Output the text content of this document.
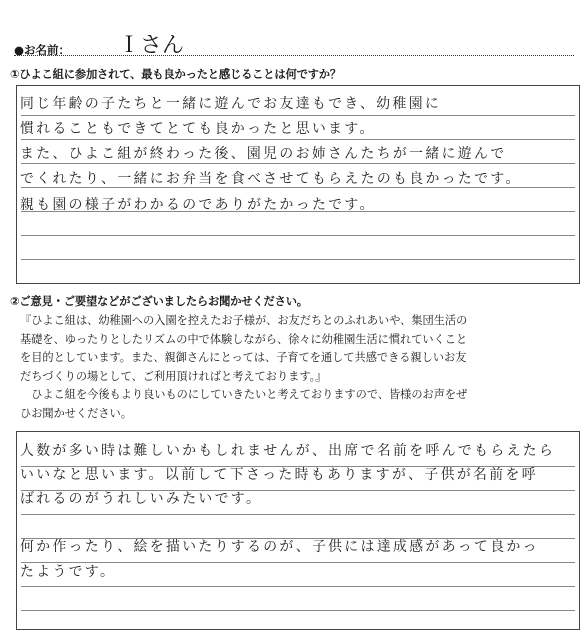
●お名前： Ｉさん
①ひよこ組に参加されて、最も良かったと感じることは何ですか？
同じ年齢の子たちと一緒に遊んでお友達もでき、幼稚園に
慣れることもできてとても良かったと思います。
また、ひよこ組が終わった後、園児のお姉さんたちが一緒に遊んで
でくれたり、一緒にお弁当を食べさせてもらえたのも良かったです。
親も園の様子がわかるのでありがたかったです。
②ご意見・ご要望などがございましたらお聞かせください。

『ひよこ組は、幼稚園への入園を控えたお子様が、お友だちとのふれあいや、集団生活の

基礎を、ゆったりとしたリズムの中で体験しながら、徐々に幼稚園生活に慣れていくこと

を目的としています。また、親御さんにとっては、子育てを通して共感できる親しいお友

だちづくりの場として、ご利用頂ければと考えております。』

　ひよこ組を今後もより良いものにしていきたいと考えておりますので、皆様のお声をぜ

ひお聞かせください。

人数が多い時は難しいかもしれませんが、出席で名前を呼んでもらえたら
いいなと思います。以前して下さった時もありますが、子供が名前を呼
ばれるのがうれしいみたいです。
何か作ったり、絵を描いたりするのが、子供には達成感があって良かっ
たようです。
